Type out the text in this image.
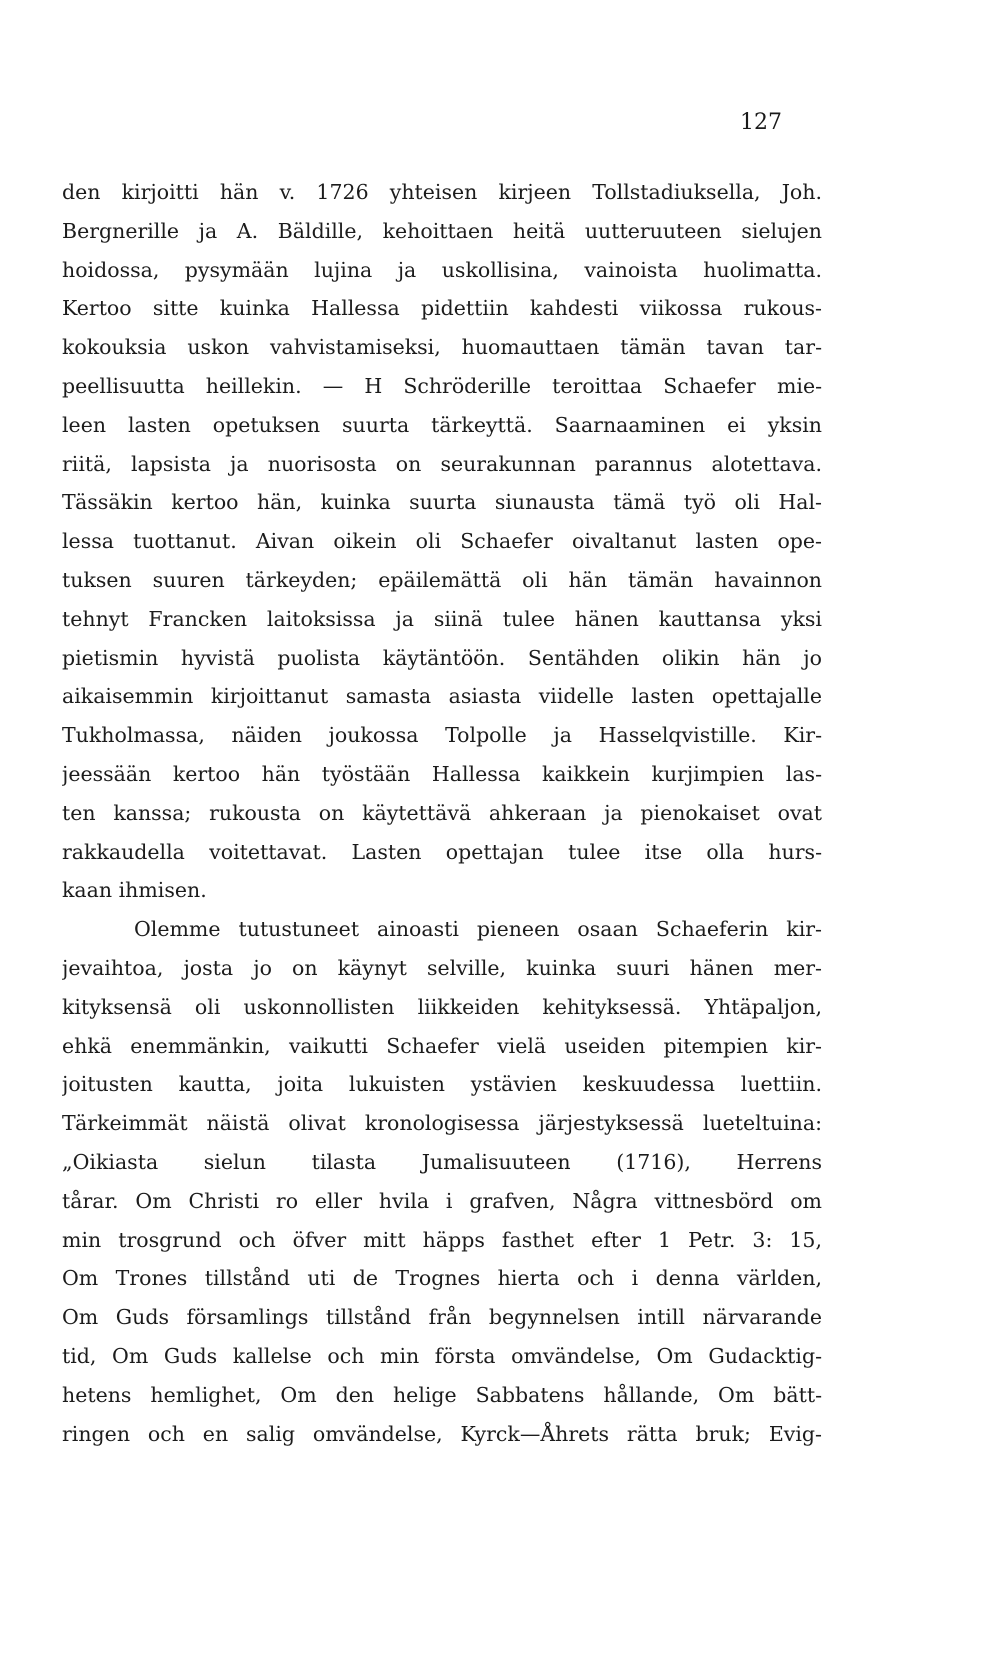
127
den kirjoitti hän v. 1726 yhteisen kirjeen Tollstadiuksella, Joh.
Bergnerille ja A. Bäldille, kehoittaen heitä uutteruuteen sielujen
hoidossa, pysymään lujina ja uskollisina, vainoista huolimatta.
Kertoo sitte kuinka Hallessa pidettiin kahdesti viikossa rukous-
kokouksia uskon vahvistamiseksi, huomauttaen tämän tavan tar-
peellisuutta heillekin. — H Schröderille teroittaa Schaefer mie-
leen lasten opetuksen suurta tärkeyttä. Saarnaaminen ei yksin
riitä, lapsista ja nuorisosta on seurakunnan parannus alotettava.
Tässäkin kertoo hän, kuinka suurta siunausta tämä työ oli Hal-
lessa tuottanut. Aivan oikein oli Schaefer oivaltanut lasten ope-
tuksen suuren tärkeyden; epäilemättä oli hän tämän havainnon
tehnyt Francken laitoksissa ja siinä tulee hänen kauttansa yksi
pietismin hyvistä puolista käytäntöön. Sentähden olikin hän jo
aikaisemmin kirjoittanut samasta asiasta viidelle lasten opettajalle
Tukholmassa, näiden joukossa Tolpolle ja Hasselqvistille. Kir-
jeessään kertoo hän työstään Hallessa kaikkein kurjimpien las-
ten kanssa; rukousta on käytettävä ahkeraan ja pienokaiset ovat
rakkaudella voitettavat. Lasten opettajan tulee itse olla hurs-
kaan ihmisen.
Olemme tutustuneet ainoasti pieneen osaan Schaeferin kir-
jevaihtoa, josta jo on käynyt selville, kuinka suuri hänen mer-
kityksensä oli uskonnollisten liikkeiden kehityksessä. Yhtäpaljon,
ehkä enemmänkin, vaikutti Schaefer vielä useiden pitempien kir-
joitusten kautta, joita lukuisten ystävien keskuudessa luettiin.
Tärkeimmät näistä olivat kronologisessa järjestyksessä lueteltuina:
„Oikiasta sielun tilasta Jumalisuuteen (1716), Herrens
tårar. Om Christi ro eller hvila i grafven, Några vittnesbörd om
min trosgrund och öfver mitt häpps fasthet efter 1 Petr. 3: 15,
Om Trones tillstånd uti de Trognes hierta och i denna världen,
Om Guds församlings tillstånd från begynnelsen intill närvarande
tid, Om Guds kallelse och min första omvändelse, Om Gudacktig-
hetens hemlighet, Om den helige Sabbatens hållande, Om bätt-
ringen och en salig omvändelse, Kyrck—Åhrets rätta bruk; Evig-
